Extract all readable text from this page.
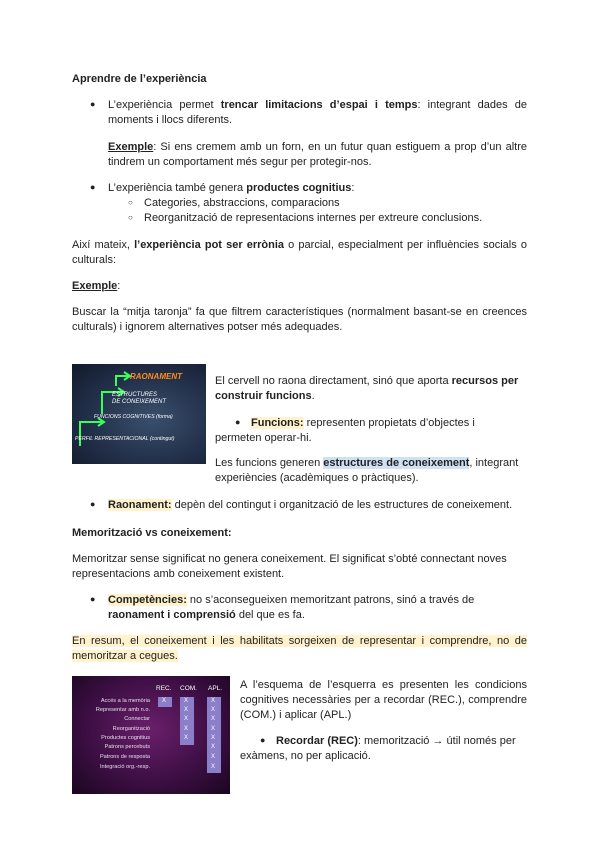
Aprendre de l’experiència

● L’experiència permet trencar limitacions d’espai i temps: integrant dades de moments i llocs diferents.

Exemple: Si ens cremem amb un forn, en un futur quan estiguem a prop d’un altre tindrem un comportament més segur per protegir-nos.

● L’experiència també genera productes cognitius:

○ Categories, abstraccions, comparacions

○ Reorganització de representacions internes per extreure conclusions.

Així mateix, l’experiència pot ser errònia o parcial, especialment per influències socials o culturals:

Exemple:

Buscar la “mitja taronja” fa que filtrem característiques (normalment basant-se en creences culturals) i ignorem alternatives potser més adequades.

RAONAMENT
ESTRUCTURES
DE CONEIXEMENT
FUNCIONS COGNITIVES (forma)
PERFIL REPRESENTACIONAL (contingut)

El cervell no raona directament, sinó que aporta recursos per construir funcions.

● Funcions: representen propietats d’objectes i permeten operar-hi.

Les funcions generen estructures de coneixement, integrant experiències (acadèmiques o pràctiques).

● Raonament: depèn del contingut i organització de les estructures de coneixement.

Memorització vs coneixement:

Memoritzar sense significat no genera coneixement. El significat s’obté connectant noves representacions amb coneixement existent.

● Competències: no s’aconsegueixen memoritzant patrons, sinó a través de raonament i comprensió del que es fa.

En resum, el coneixement i les habilitats sorgeixen de representar i comprendre, no de memoritzar a cegues.

REC. COM. APL.
Accés a la memòria
Representar amb n.o.
Connectar
Reorganització
Productes cognitius
Patrons percebuts
Patrons de resposta
Integració org.-resp.
X	X
X
X
X
X
X
X
X
X
X
X
X
X

A l’esquema de l’esquerra es presenten les condicions cognitives necessàries per a recordar (REC.), comprendre (COM.) i aplicar (APL.)

● Recordar (REC): memorització → útil només per exàmens, no per aplicació.
